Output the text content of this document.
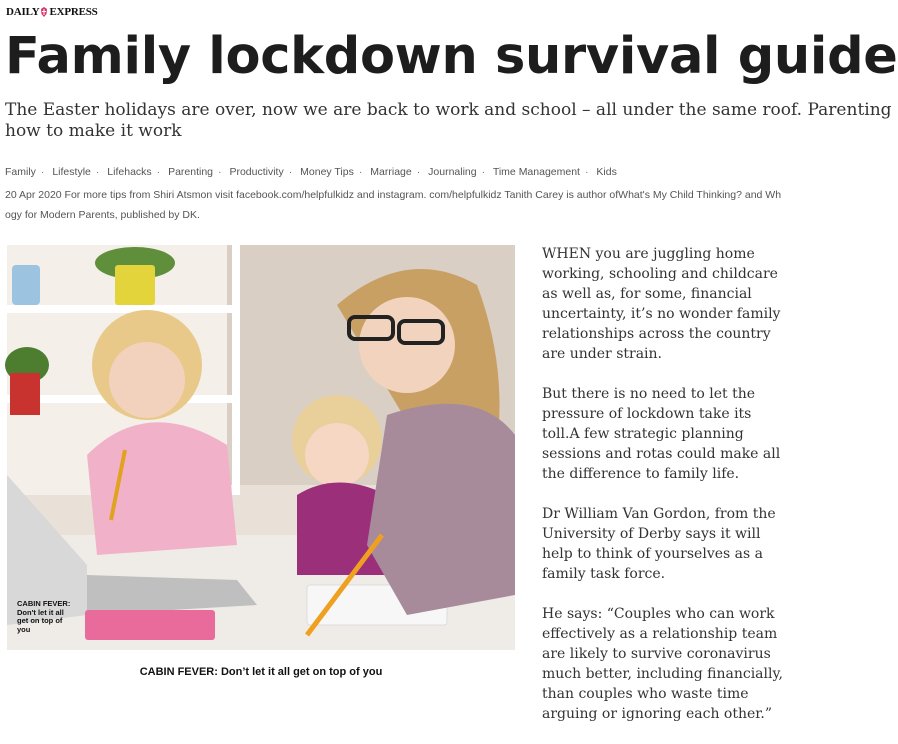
DAILY EXPRESS
Family lockdown survival guide
The Easter holidays are over, now we are back to work and school – all under the same roof. Parenting
how to make it work
Family · Lifestyle · Lifehacks · Parenting · Productivity · Money Tips · Marriage · Journaling · Time Management · Kids
20 Apr 2020 For more tips from Shiri Atsmon visit facebook.com/helpfulkidz and instagram. com/helpfulkidz Tanith Carey is author ofWhat's My Child Thinking? and Wh
ogy for Modern Parents, published by DK.
CABIN FEVER: Don't let it all get on top of you
CABIN FEVER: Don’t let it all get on top of you

WHEN you are juggling home working, schooling and childcare as well as, for some, financial uncertainty, it’s no wonder family relationships across the country are under strain.

But there is no need to let the pressure of lockdown take its toll.A few strategic planning sessions and rotas could make all the difference to family life.

Dr William Van Gordon, from the University of Derby says it will help to think of yourselves as a family task force.

He says: “Couples who can work effectively as a relationship team are likely to survive coronavirus much better, including financially, than couples who waste time arguing or ignoring each other.”
